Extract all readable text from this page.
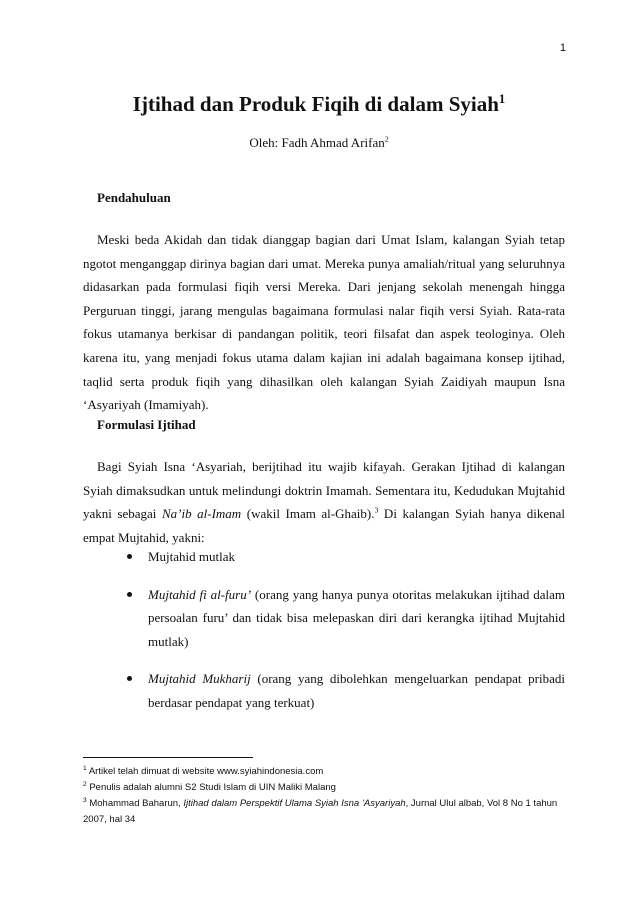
1
Ijtihad dan Produk Fiqih di dalam Syiah$^1$
Oleh: Fadh Ahmad Arifan$^2$
Pendahuluan

Meski beda Akidah dan tidak dianggap bagian dari Umat Islam, kalangan Syiah tetap ngotot menganggap dirinya bagian dari umat. Mereka punya amaliah/ritual yang seluruhnya didasarkan pada formulasi fiqih versi Mereka. Dari jenjang sekolah menengah hingga Perguruan tinggi, jarang mengulas bagaimana formulasi nalar fiqih versi Syiah. Rata-rata fokus utamanya berkisar di pandangan politik, teori filsafat dan aspek teologinya. Oleh karena itu, yang menjadi fokus utama dalam kajian ini adalah bagaimana konsep ijtihad, taqlid serta produk fiqih yang dihasilkan oleh kalangan Syiah Zaidiyah maupun Isna ‘Asyariyah (Imamiyah).

Formulasi Ijtihad

Bagi Syiah Isna ‘Asyariah, berijtihad itu wajib kifayah. Gerakan Ijtihad di kalangan Syiah dimaksudkan untuk melindungi doktrin Imamah. Sementara itu, Kedudukan Mujtahid yakni sebagai Na’ib al-Imam (wakil Imam al-Ghaib).$^3$ Di kalangan Syiah hanya dikenal empat Mujtahid, yakni:

Mujtahid mutlak
Mujtahid fi al-furu’ (orang yang hanya punya otoritas melakukan ijtihad dalam persoalan furu’ dan tidak bisa melepaskan diri dari kerangka ijtihad Mujtahid mutlak)
Mujtahid Mukharij (orang yang dibolehkan mengeluarkan pendapat pribadi berdasar pendapat yang terkuat)
$^1$ Artikel telah dimuat di website www.syiahindonesia.com
$^2$ Penulis adalah alumni S2 Studi Islam di UIN Maliki Malang
$^3$ Mohammad Baharun, Ijtihad dalam Perspektif Ulama Syiah Isna ‘Asyariyah, Jurnal Ulul albab, Vol 8 No 1 tahun 2007, hal 34
